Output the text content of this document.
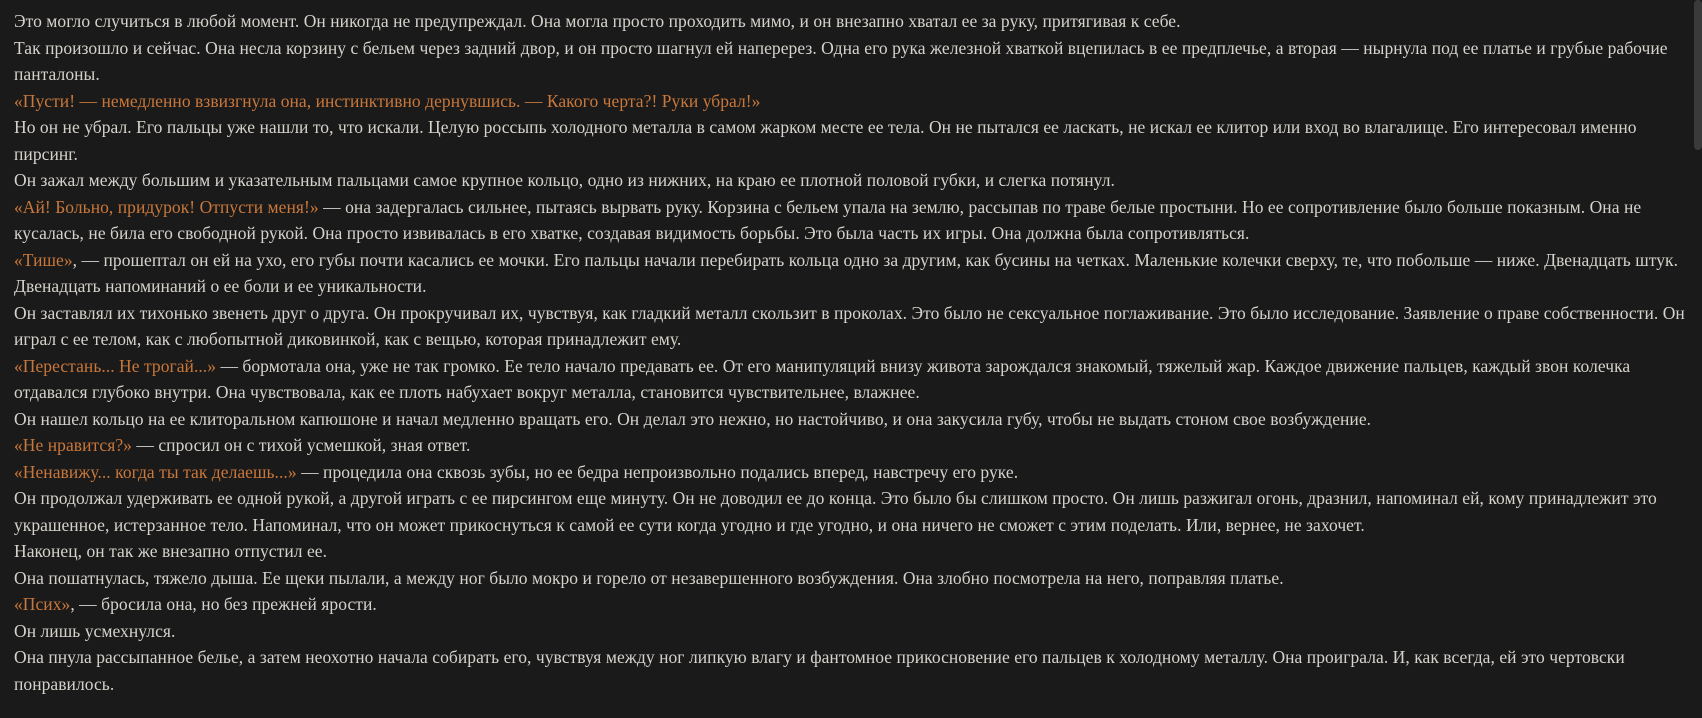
Это могло случиться в любой момент. Он никогда не предупреждал. Она могла просто проходить мимо, и он внезапно хватал ее за руку, притягивая к себе.

Так произошло и сейчас. Она несла корзину с бельем через задний двор, и он просто шагнул ей наперерез. Одна его рука железной хваткой вцепилась в ее предплечье, а вторая — нырнула под ее платье и грубые рабочие панталоны.

«Пусти! — немедленно взвизгнула она, инстинктивно дернувшись. — Какого черта?! Руки убрал!»

Но он не убрал. Его пальцы уже нашли то, что искали. Целую россыпь холодного металла в самом жарком месте ее тела. Он не пытался ее ласкать, не искал ее клитор или вход во влагалище. Его интересовал именно пирсинг.

Он зажал между большим и указательным пальцами самое крупное кольцо, одно из нижних, на краю ее плотной половой губки, и слегка потянул.

«Ай! Больно, придурок! Отпусти меня!» — она задергалась сильнее, пытаясь вырвать руку. Корзина с бельем упала на землю, рассыпав по траве белые простыни. Но ее сопротивление было больше показным. Она не кусалась, не била его свободной рукой. Она просто извивалась в его хватке, создавая видимость борьбы. Это была часть их игры. Она должна была сопротивляться.

«Тише», — прошептал он ей на ухо, его губы почти касались ее мочки. Его пальцы начали перебирать кольца одно за другим, как бусины на четках. Маленькие колечки сверху, те, что побольше — ниже. Двенадцать штук. Двенадцать напоминаний о ее боли и ее уникальности.

Он заставлял их тихонько звенеть друг о друга. Он прокручивал их, чувствуя, как гладкий металл скользит в проколах. Это было не сексуальное поглаживание. Это было исследование. Заявление о праве собственности. Он играл с ее телом, как с любопытной диковинкой, как с вещью, которая принадлежит ему.

«Перестань... Не трогай...» — бормотала она, уже не так громко. Ее тело начало предавать ее. От его манипуляций внизу живота зарождался знакомый, тяжелый жар. Каждое движение пальцев, каждый звон колечка отдавался глубоко внутри. Она чувствовала, как ее плоть набухает вокруг металла, становится чувствительнее, влажнее.

Он нашел кольцо на ее клиторальном капюшоне и начал медленно вращать его. Он делал это нежно, но настойчиво, и она закусила губу, чтобы не выдать стоном свое возбуждение.

«Не нравится?» — спросил он с тихой усмешкой, зная ответ.

«Ненавижу... когда ты так делаешь...» — процедила она сквозь зубы, но ее бедра непроизвольно подались вперед, навстречу его руке.

Он продолжал удерживать ее одной рукой, а другой играть с ее пирсингом еще минуту. Он не доводил ее до конца. Это было бы слишком просто. Он лишь разжигал огонь, дразнил, напоминал ей, кому принадлежит это украшенное, истерзанное тело. Напоминал, что он может прикоснуться к самой ее сути когда угодно и где угодно, и она ничего не сможет с этим поделать. Или, вернее, не захочет.

Наконец, он так же внезапно отпустил ее.

Она пошатнулась, тяжело дыша. Ее щеки пылали, а между ног было мокро и горело от незавершенного возбуждения. Она злобно посмотрела на него, поправляя платье.

«Псих», — бросила она, но без прежней ярости.

Он лишь усмехнулся.

Она пнула рассыпанное белье, а затем неохотно начала собирать его, чувствуя между ног липкую влагу и фантомное прикосновение его пальцев к холодному металлу. Она проиграла. И, как всегда, ей это чертовски понравилось.
